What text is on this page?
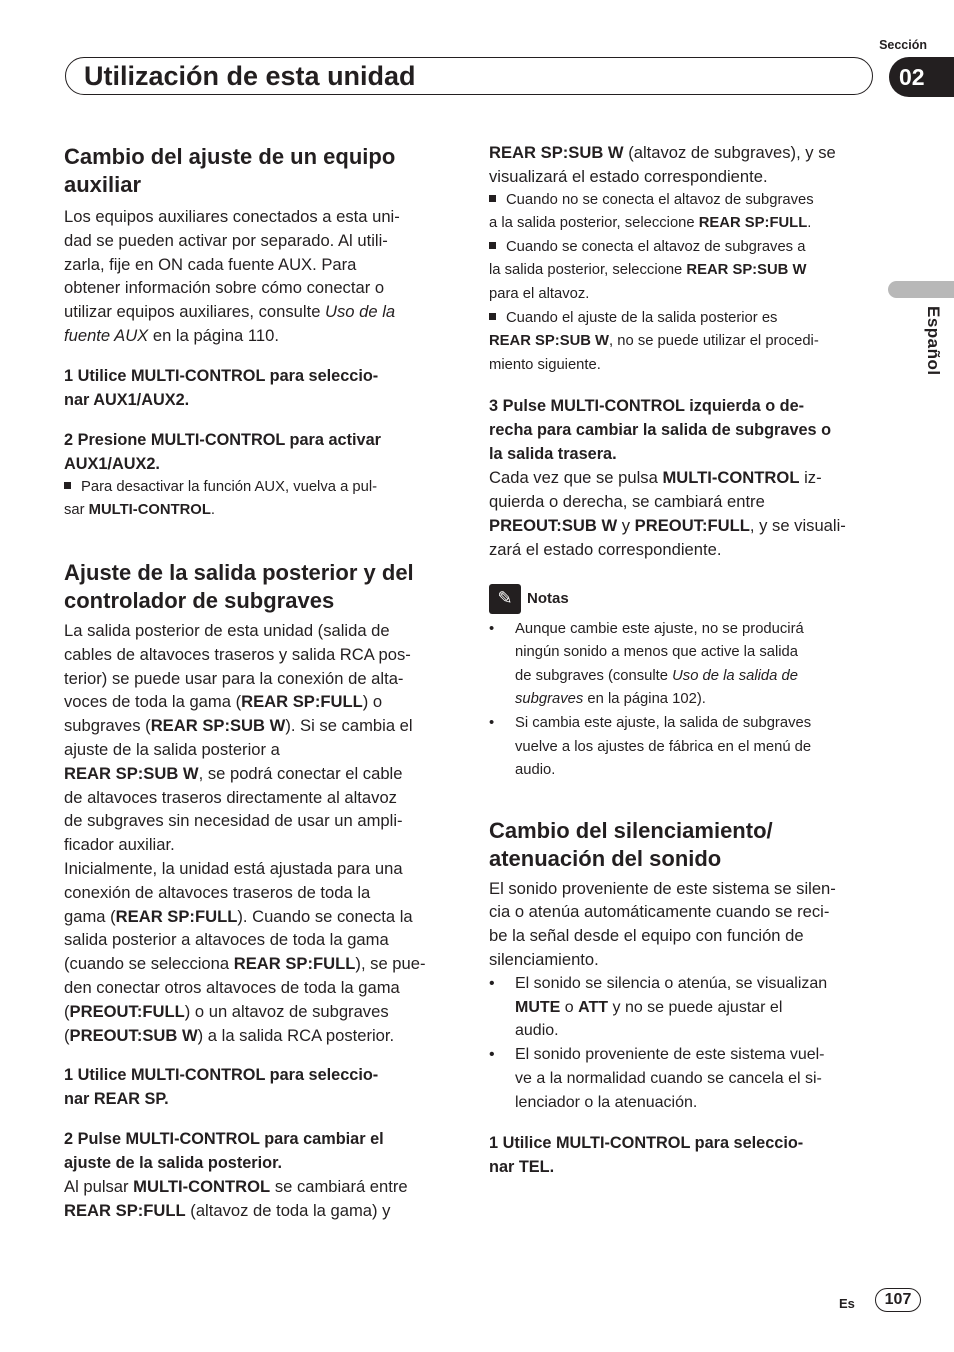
Utilización de esta unidad
Sección
02
Español
Cambio del ajuste de un equipo auxiliar

Los equipos auxiliares conectados a esta uni-
dad se pueden activar por separado. Al utili-
zarla, fije en ON cada fuente AUX. Para
obtener información sobre cómo conectar o
utilizar equipos auxiliares, consulte Uso de la
fuente AUX en la página 110.

1 Utilice MULTI-CONTROL para seleccio-
nar AUX1/AUX2.
2 Presione MULTI-CONTROL para activar
AUX1/AUX2.

Para desactivar la función AUX, vuelva a pul-
sar MULTI-CONTROL.

Ajuste de la salida posterior y del controlador de subgraves

La salida posterior de esta unidad (salida de
cables de altavoces traseros y salida RCA pos-
terior) se puede usar para la conexión de alta-
voces de toda la gama (REAR SP:FULL) o
subgraves (REAR SP:SUB W). Si se cambia el
ajuste de la salida posterior a
REAR SP:SUB W, se podrá conectar el cable
de altavoces traseros directamente al altavoz
de subgraves sin necesidad de usar un ampli-
ficador auxiliar.

Inicialmente, la unidad está ajustada para una
conexión de altavoces traseros de toda la
gama (REAR SP:FULL). Cuando se conecta la
salida posterior a altavoces de toda la gama
(cuando se selecciona REAR SP:FULL), se pue-
den conectar otros altavoces de toda la gama
(PREOUT:FULL) o un altavoz de subgraves
(PREOUT:SUB W) a la salida RCA posterior.

1 Utilice MULTI-CONTROL para seleccio-
nar REAR SP.
2 Pulse MULTI-CONTROL para cambiar el
ajuste de la salida posterior.

Al pulsar MULTI-CONTROL se cambiará entre
REAR SP:FULL (altavoz de toda la gama) y

REAR SP:SUB W (altavoz de subgraves), y se
visualizará el estado correspondiente.

Cuando no se conecta el altavoz de subgraves
a la salida posterior, seleccione REAR SP:FULL.

Cuando se conecta el altavoz de subgraves a
la salida posterior, seleccione REAR SP:SUB W
para el altavoz.

Cuando el ajuste de la salida posterior es
REAR SP:SUB W, no se puede utilizar el procedi-
miento siguiente.

3 Pulse MULTI-CONTROL izquierda o de-
recha para cambiar la salida de subgraves o
la salida trasera.

Cada vez que se pulsa MULTI-CONTROL iz-
quierda o derecha, se cambiará entre
PREOUT:SUB W y PREOUT:FULL, y se visuali-
zará el estado correspondiente.

✎ Notas
• Aunque cambie este ajuste, no se producirá
ningún sonido a menos que active la salida
de subgraves (consulte Uso de la salida de
subgraves en la página 102).
• Si cambia este ajuste, la salida de subgraves
vuelve a los ajustes de fábrica en el menú de
audio.
Cambio del silenciamiento/
atenuación del sonido

El sonido proveniente de este sistema se silen-
cia o atenúa automáticamente cuando se reci-
be la señal desde el equipo con función de
silenciamiento.

• El sonido se silencia o atenúa, se visualizan
MUTE o ATT y no se puede ajustar el
audio.
• El sonido proveniente de este sistema vuel-
ve a la normalidad cuando se cancela el si-
lenciador o la atenuación.
1 Utilice MULTI-CONTROL para seleccio-
nar TEL.
Es	107
